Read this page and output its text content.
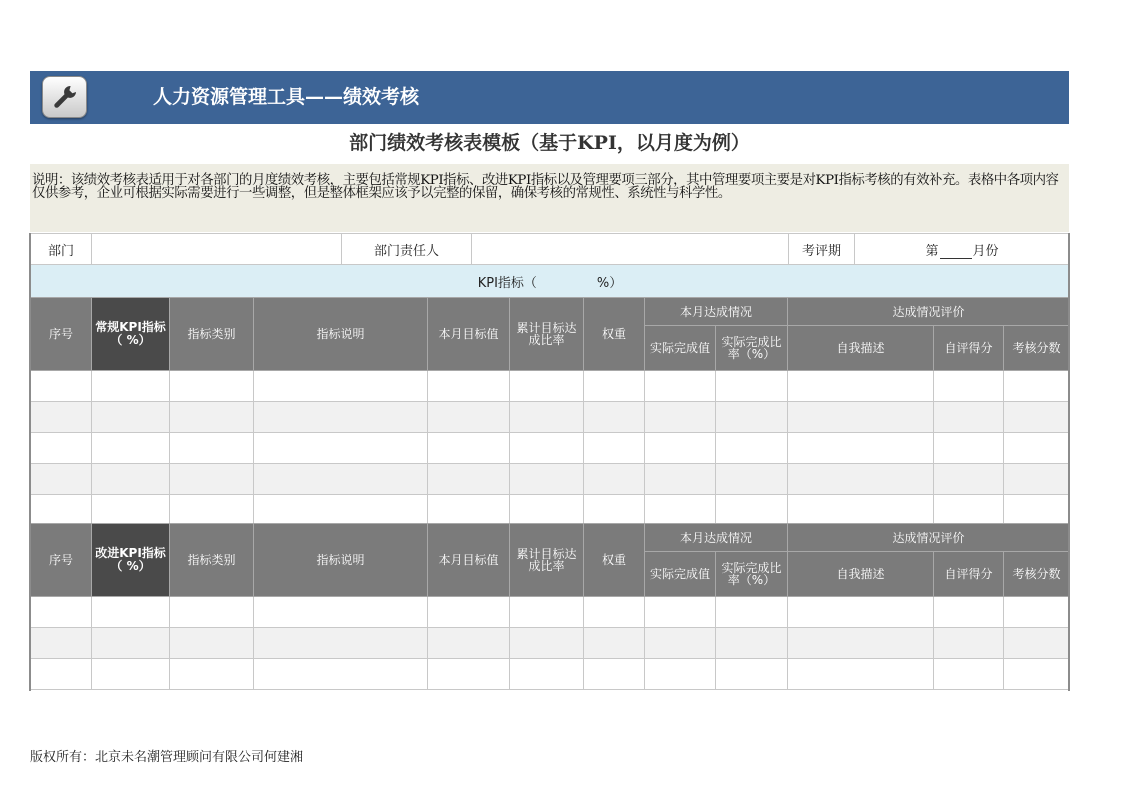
人力资源管理工具——绩效考核
部门绩效考核表模板（基于KPI，以月度为例）
说明：该绩效考核表适用于对各部门的月度绩效考核，主要包括常规KPI指标、改进KPI指标以及管理要项三部分，其中管理要项主要是对KPI指标考核的有效补充。表格中各项内容仅供参考，企业可根据实际需要进行一些调整，但是整体框架应该予以完整的保留，确保考核的常规性、系统性与科学性。
部门		部门责任人		考评期	第	月份
KPI指标（	%）
序号	常规KPI指标（ %）	指标类别	指标说明	本月目标值	累计目标达成比率	权重	本月达成情况		达成情况评价		
							实际完成值	实际完成比率（%）	自我描述	自评得分	考核分数

序号	改进KPI指标（ %）	指标类别	指标说明	本月目标值	累计目标达成比率	权重	本月达成情况		达成情况评价		
							实际完成值	实际完成比率（%）	自我描述	自评得分	考核分数

版权所有：北京未名潮管理顾问有限公司何建湘
